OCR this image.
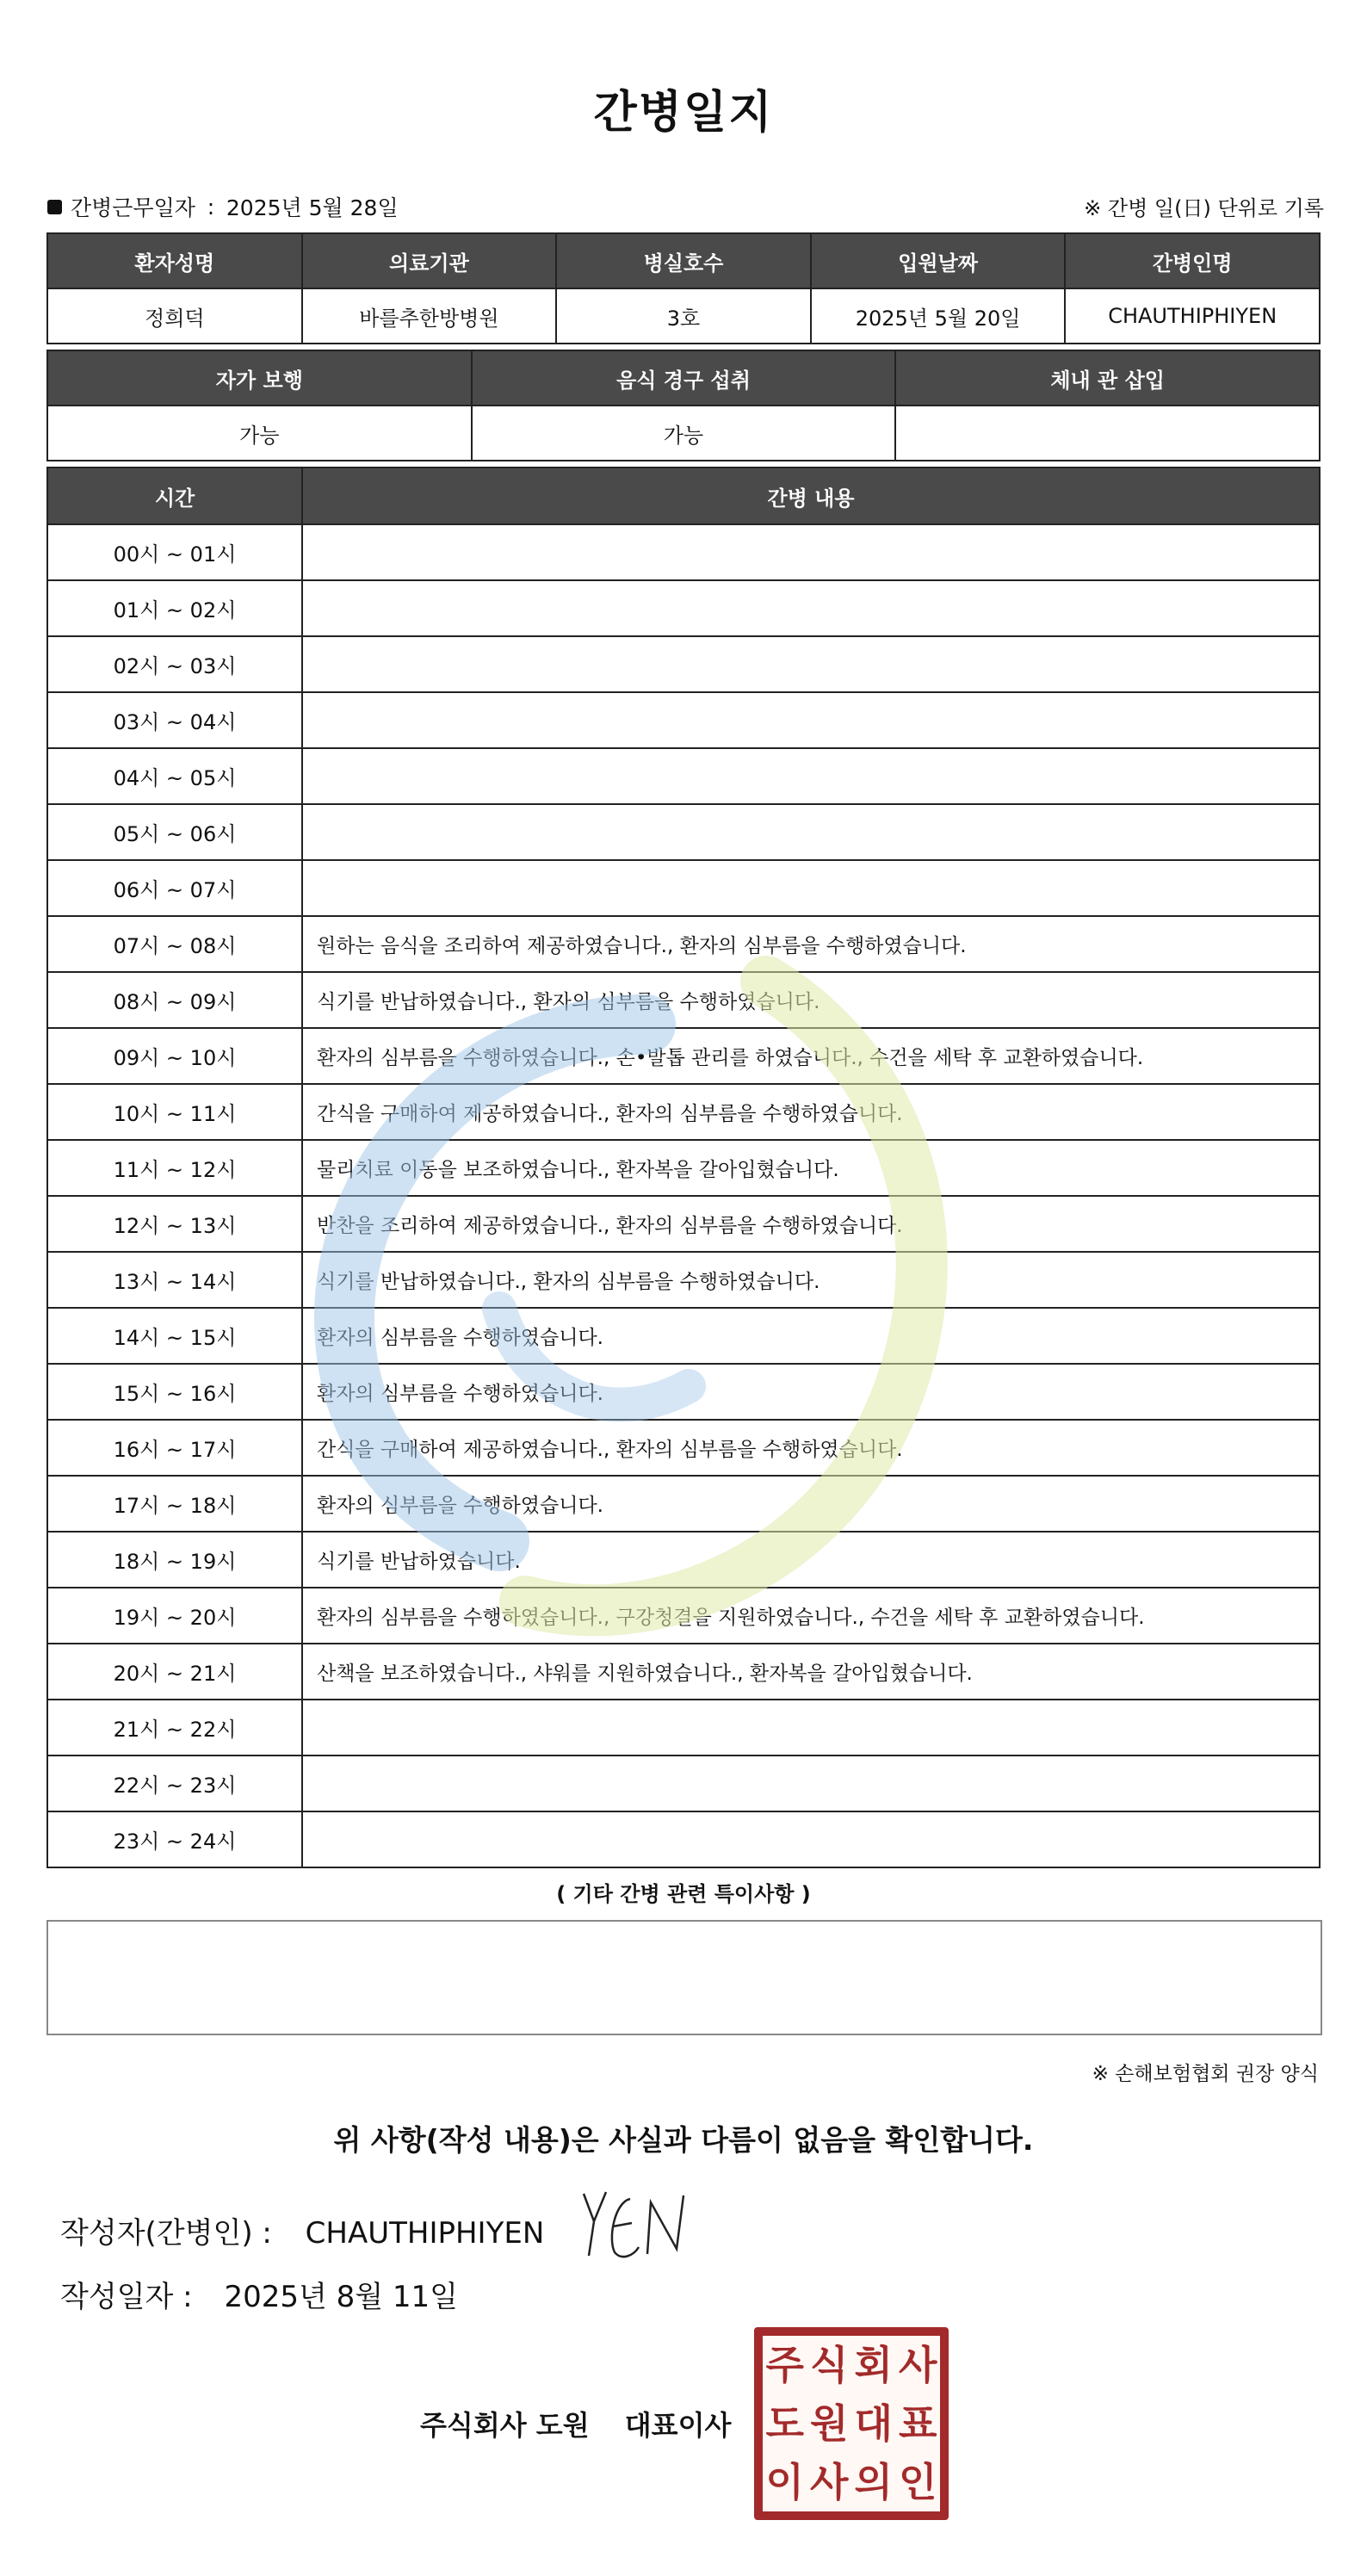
간병일지
간병근무일자 : 2025년 5월 28일	※ 간병 일(日) 단위로 기록
환자성명	의료기관	병실호수	입원날짜	간병인명
정희덕	바를추한방병원	3호	2025년 5월 20일	CHAUTHIPHIYEN
자가 보행	음식 경구 섭취	체내 관 삽입
가능	가능	
시간	간병 내용
00시 ~ 01시	
01시 ~ 02시	
02시 ~ 03시	
03시 ~ 04시	
04시 ~ 05시	
05시 ~ 06시	
06시 ~ 07시	
07시 ~ 08시	원하는 음식을 조리하여 제공하였습니다., 환자의 심부름을 수행하였습니다.
08시 ~ 09시	식기를 반납하였습니다., 환자의 심부름을 수행하였습니다.
09시 ~ 10시	환자의 심부름을 수행하였습니다., 손•발톱 관리를 하였습니다., 수건을 세탁 후 교환하였습니다.
10시 ~ 11시	간식을 구매하여 제공하였습니다., 환자의 심부름을 수행하였습니다.
11시 ~ 12시	물리치료 이동을 보조하였습니다., 환자복을 갈아입혔습니다.
12시 ~ 13시	반찬을 조리하여 제공하였습니다., 환자의 심부름을 수행하였습니다.
13시 ~ 14시	식기를 반납하였습니다., 환자의 심부름을 수행하였습니다.
14시 ~ 15시	환자의 심부름을 수행하였습니다.
15시 ~ 16시	환자의 심부름을 수행하였습니다.
16시 ~ 17시	간식을 구매하여 제공하였습니다., 환자의 심부름을 수행하였습니다.
17시 ~ 18시	환자의 심부름을 수행하였습니다.
18시 ~ 19시	식기를 반납하였습니다.
19시 ~ 20시	환자의 심부름을 수행하였습니다., 구강청결을 지원하였습니다., 수건을 세탁 후 교환하였습니다.
20시 ~ 21시	산책을 보조하였습니다., 샤워를 지원하였습니다., 환자복을 갈아입혔습니다.
21시 ~ 22시	
22시 ~ 23시	
23시 ~ 24시	
( 기타 간병 관련 특이사항 )
※ 손해보험협회 권장 양식
위 사항(작성 내용)은 사실과 다름이 없음을 확인합니다.
작성자(간병인) : CHAUTHIPHIYEN
작성일자 : 2025년 8월 11일
주식회사 도원 대표이사
주 식 회 사
도 원 대 표
이 사 의 인
